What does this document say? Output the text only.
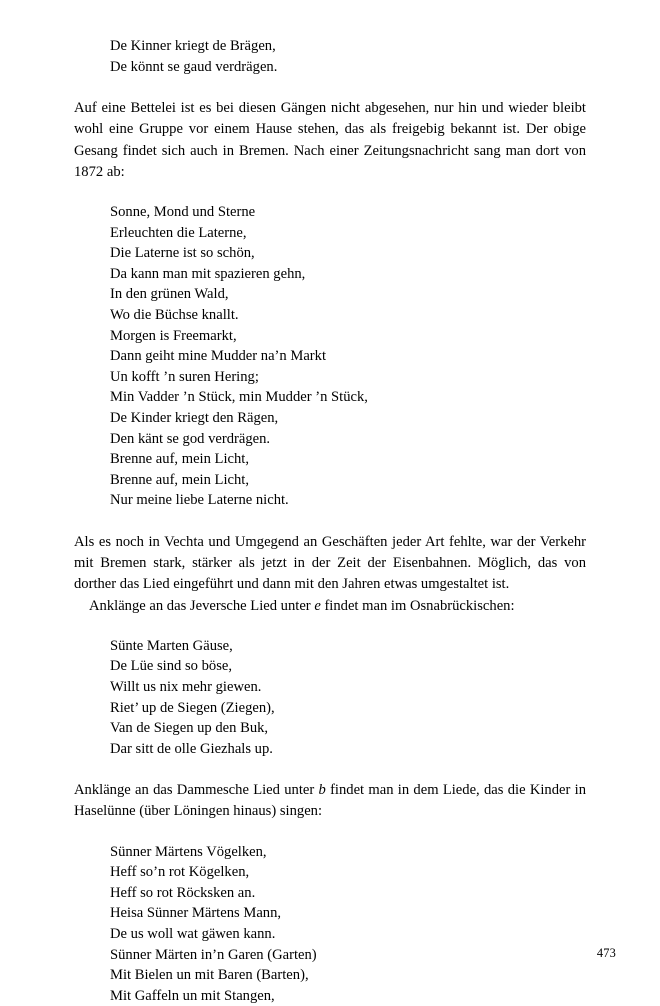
De Kinner kriegt de Brägen,
De könnt se gaud verdrägen.

Auf eine Bettelei ist es bei diesen Gängen nicht abgesehen, nur hin und wieder bleibt wohl eine Gruppe vor einem Hause stehen, das als freigebig bekannt ist. Der obige Gesang findet sich auch in Bremen. Nach einer Zeitungsnachricht sang man dort von 1872 ab:

Sonne, Mond und Sterne
Erleuchten die Laterne,
Die Laterne ist so schön,
Da kann man mit spazieren gehn,
In den grünen Wald,
Wo die Büchse knallt.
Morgen is Freemarkt,
Dann geiht mine Mudder na’n Markt
Un kofft ’n suren Hering;
Min Vadder ’n Stück, min Mudder ’n Stück,
De Kinder kriegt den Rägen,
Den känt se god verdrägen.
Brenne auf, mein Licht,
Brenne auf, mein Licht,
Nur meine liebe Laterne nicht.

Als es noch in Vechta und Umgegend an Geschäften jeder Art fehlte, war der Verkehr mit Bremen stark, stärker als jetzt in der Zeit der Eisenbahnen. Möglich, das von dorther das Lied eingeführt und dann mit den Jahren etwas umgestaltet ist.

Anklänge an das Jeversche Lied unter e findet man im Osnabrückischen:

Sünte Marten Gäuse,
De Lüe sind so böse,
Willt us nix mehr giewen.
Riet’ up de Siegen (Ziegen),
Van de Siegen up den Buk,
Dar sitt de olle Giezhals up.

Anklänge an das Dammesche Lied unter b findet man in dem Liede, das die Kinder in Haselünne (über Löningen hinaus) singen:

Sünner Märtens Vögelken,
Heff so’n rot Kögelken,
Heff so rot Röcksken an.
Heisa Sünner Märtens Mann,
De us woll wat gäwen kann.
Sünner Märten in’n Garen (Garten)
Mit Bielen un mit Baren (Barten),
Mit Gaffeln un mit Stangen,
473
